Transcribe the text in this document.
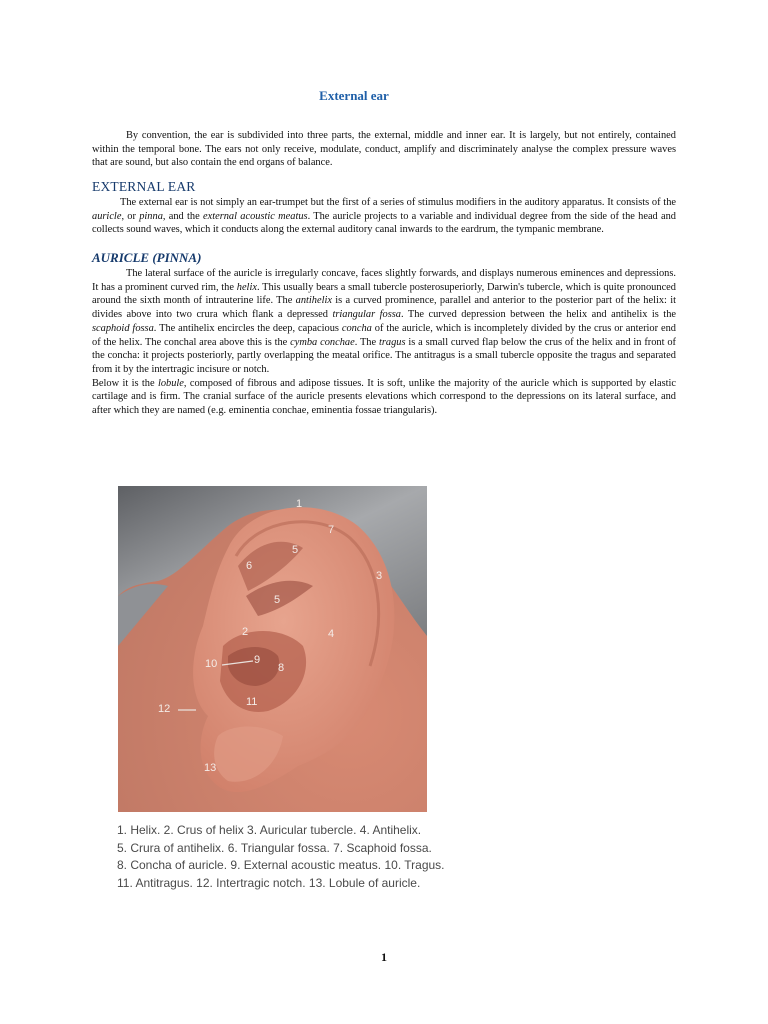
External ear

By convention, the ear is subdivided into three parts, the external, middle and inner ear. It is largely, but not entirely, contained within the temporal bone. The ears not only receive, modulate, conduct, amplify and discriminately analyse the complex pressure waves that are sound, but also contain the end organs of balance.

EXTERNAL EAR

The external ear is not simply an ear-trumpet but the first of a series of stimulus modifiers in the auditory apparatus. It consists of the auricle, or pinna, and the external acoustic meatus. The auricle projects to a variable and individual degree from the side of the head and collects sound waves, which it conducts along the external auditory canal inwards to the eardrum, the tympanic membrane.

AURICLE (PINNA)

The lateral surface of the auricle is irregularly concave, faces slightly forwards, and displays numerous eminences and depressions. It has a prominent curved rim, the helix. This usually bears a small tubercle posterosuperiorly, Darwin's tubercle, which is quite pronounced around the sixth month of intrauterine life. The antihelix is a curved prominence, parallel and anterior to the posterior part of the helix: it divides above into two crura which flank a depressed triangular fossa. The curved depression between the helix and antihelix is the scaphoid fossa. The antihelix encircles the deep, capacious concha of the auricle, which is incompletely divided by the crus or anterior end of the helix. The conchal area above this is the cymba conchae. The tragus is a small curved flap below the crus of the helix and in front of the concha: it projects posteriorly, partly overlapping the meatal orifice. The antitragus is a small tubercle opposite the tragus and separated from it by the intertragic incisure or notch.

Below it is the lobule, composed of fibrous and adipose tissues. It is soft, unlike the majority of the auricle which is supported by elastic cartilage and is firm. The cranial surface of the auricle presents elevations which correspond to the depressions on its lateral surface, and after which they are named (e.g. eminentia conchae, eminentia fossae triangularis).

1
7
5
6
3
5
2	4
10	9
8
12
11
13
1. Helix. 2. Crus of helix 3. Auricular tubercle. 4. Antihelix.
5. Crura of antihelix. 6. Triangular fossa. 7. Scaphoid fossa.
8. Concha of auricle. 9. External acoustic meatus. 10. Tragus.
11. Antitragus. 12. Intertragic notch. 13. Lobule of auricle.
1
